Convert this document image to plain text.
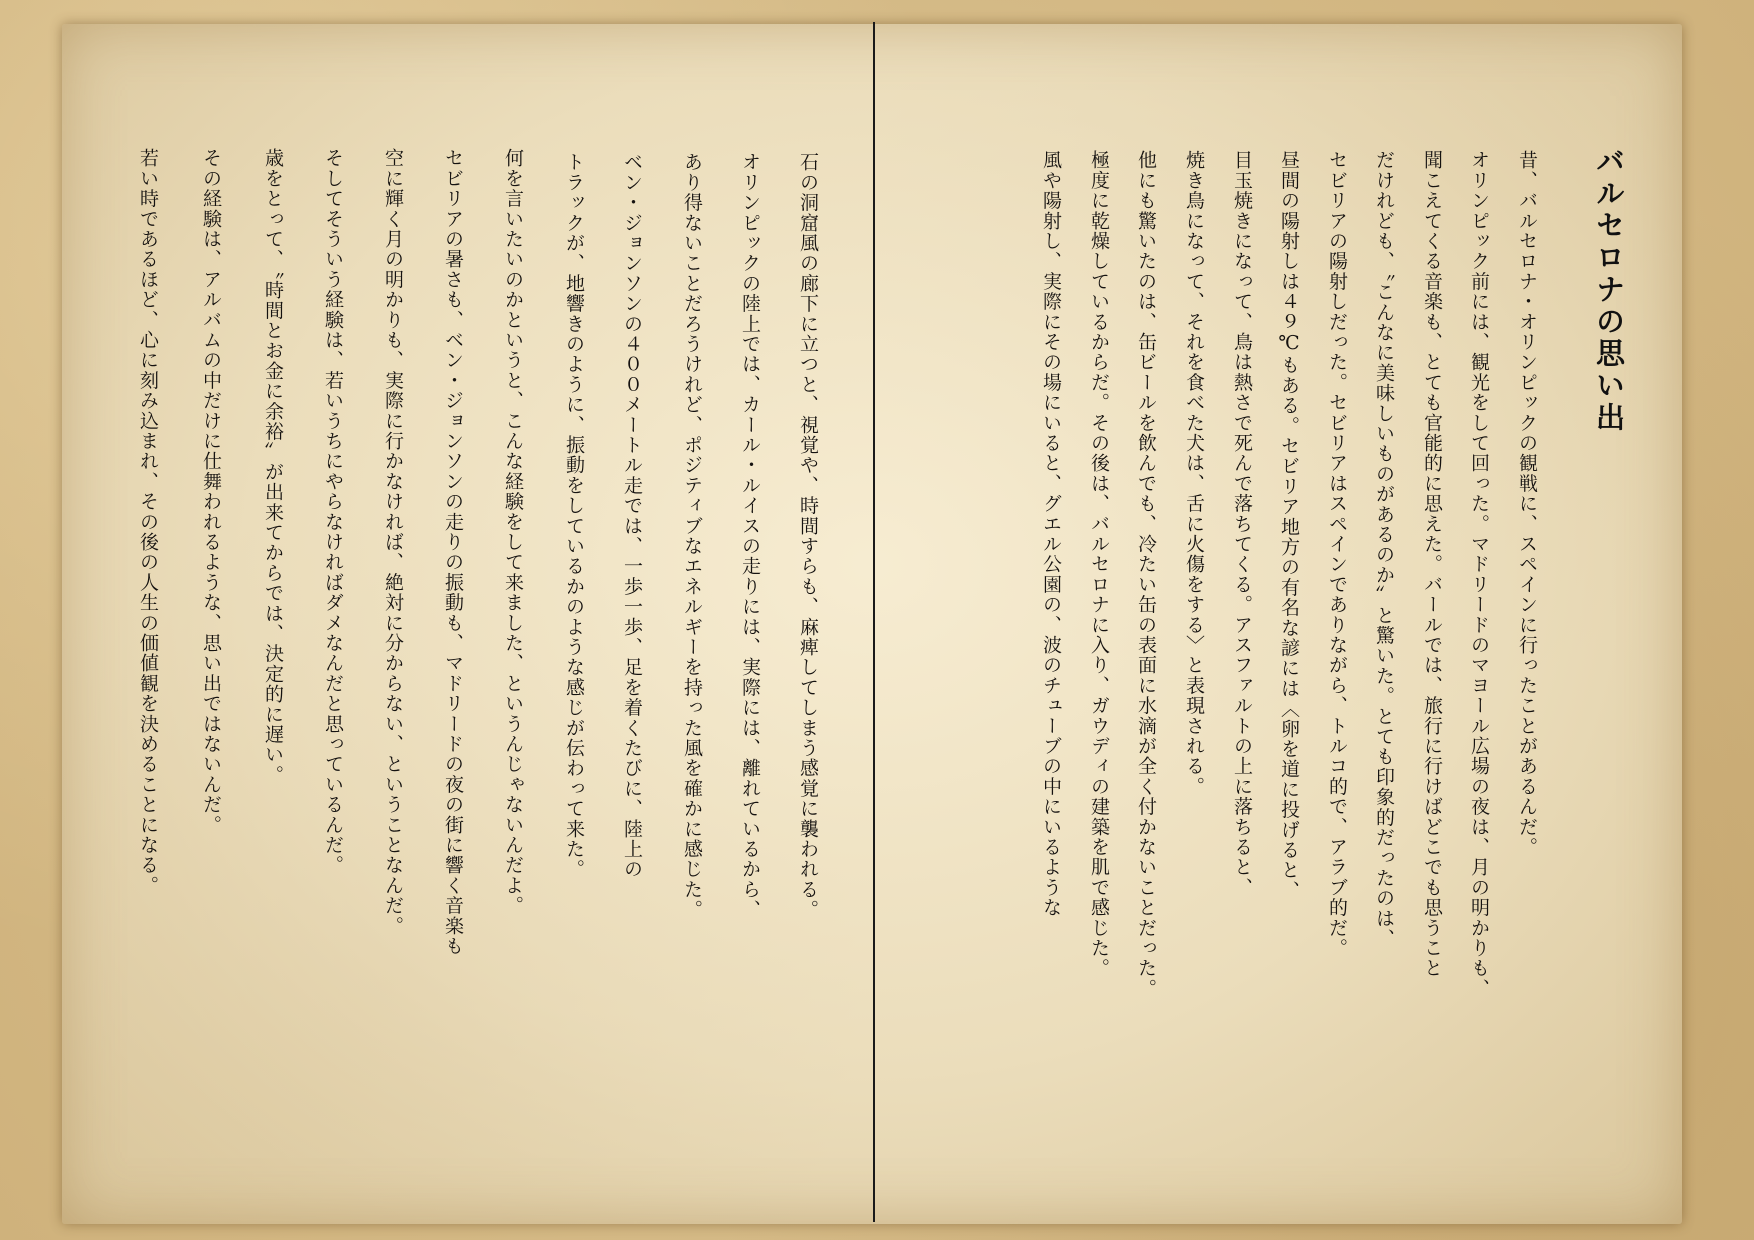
バルセロナの思い出

昔、バルセロナ・オリンピックの観戦に、スペインに行ったことがあるんだ。

オリンピック前には、観光をして回った。マドリードのマヨール広場の夜は、月の明かりも、

聞こえてくる音楽も、とても官能的に思えた。バールでは、旅行に行けばどこでも思うこと

だけれども、〝こんなに美味しいものがあるのか〟と驚いた。とても印象的だったのは、

セビリアの陽射しだった。セビリアはスペインでありながら、トルコ的で、アラブ的だ。

昼間の陽射しは４９℃もある。セビリア地方の有名な諺には〈卵を道に投げると、

目玉焼きになって、鳥は熱さで死んで落ちてくる。アスファルトの上に落ちると、

焼き鳥になって、それを食べた犬は、舌に火傷をする〉と表現される。

他にも驚いたのは、缶ビールを飲んでも、冷たい缶の表面に水滴が全く付かないことだった。

極度に乾燥しているからだ。その後は、バルセロナに入り、ガウディの建築を肌で感じた。

風や陽射し、実際にその場にいると、グエル公園の、波のチューブの中にいるような

石の洞窟風の廊下に立つと、視覚や、時間すらも、麻痺してしまう感覚に襲われる。

オリンピックの陸上では、カール・ルイスの走りには、実際には、離れているから、

あり得ないことだろうけれど、ポジティブなエネルギーを持った風を確かに感じた。

ベン・ジョンソンの４００メートル走では、一歩一歩、足を着くたびに、陸上の

トラックが、地響きのように、振動をしているかのような感じが伝わって来た。

何を言いたいのかというと、こんな経験をして来ました、というんじゃないんだよ。

セビリアの暑さも、ベン・ジョンソンの走りの振動も、マドリードの夜の街に響く音楽も

空に輝く月の明かりも、実際に行かなければ、絶対に分からない、ということなんだ。

そしてそういう経験は、若いうちにやらなければダメなんだと思っているんだ。

歳をとって、〝時間とお金に余裕〟が出来てからでは、決定的に遅い。

その経験は、アルバムの中だけに仕舞われるような、思い出ではないんだ。

若い時であるほど、心に刻み込まれ、その後の人生の価値観を決めることになる。
